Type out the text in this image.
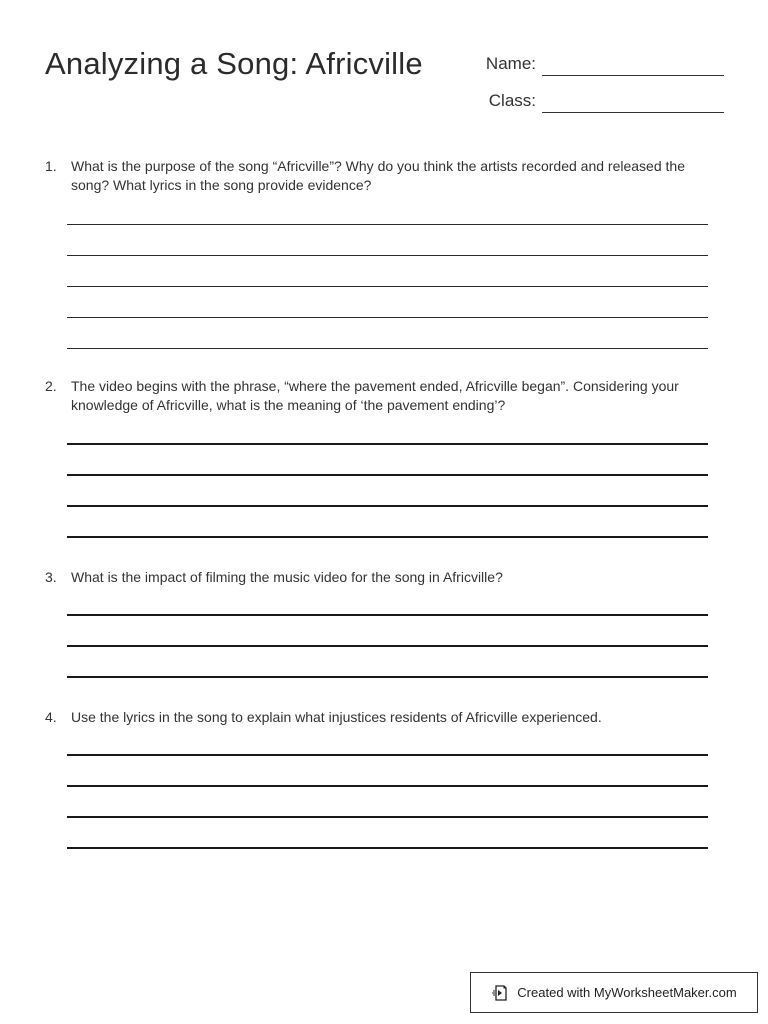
Analyzing a Song: Africville	Name:
Class:
1. What is the purpose of the song “Africville”? Why do you think the artists recorded and released the song? What lyrics in the song provide evidence?
2. The video begins with the phrase, “where the pavement ended, Africville began”. Considering your knowledge of Africville, what is the meaning of ‘the pavement ending’?
3. What is the impact of filming the music video for the song in Africville?
4. Use the lyrics in the song to explain what injustices residents of Africville experienced.
Created with MyWorksheetMaker.com
